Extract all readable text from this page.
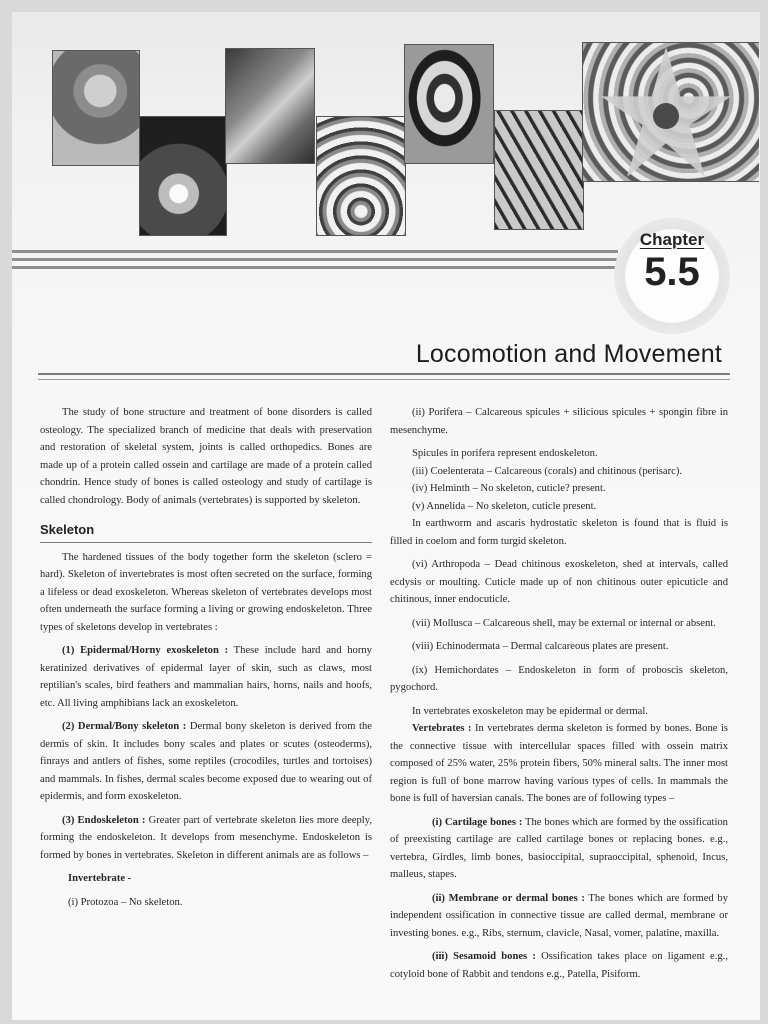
Chapter
5.5
Locomotion and Movement

The study of bone structure and treatment of bone disorders is called osteology. The specialized branch of medicine that deals with preservation and restoration of skeletal system, joints is called orthopedics. Bones are made up of a protein called ossein and cartilage are made of a protein called chondrin. Hence study of bones is called osteology and study of cartilage is called chondrology. Body of animals (vertebrates) is supported by skeleton.

Skeleton

The hardened tissues of the body together form the skeleton (sclero = hard). Skeleton of invertebrates is most often secreted on the surface, forming a lifeless or dead exoskeleton. Whereas skeleton of vertebrates develops most often underneath the surface forming a living or growing endoskeleton. Three types of skeletons develop in vertebrates :

(1) Epidermal/Horny exoskeleton : These include hard and horny keratinized derivatives of epidermal layer of skin, such as claws, most reptilian's scales, bird feathers and mammalian hairs, horns, nails and hoofs, etc. All living amphibians lack an exoskeleton.

(2) Dermal/Bony skeleton : Dermal bony skeleton is derived from the dermis of skin. It includes bony scales and plates or scutes (osteoderms), finrays and antlers of fishes, some reptiles (crocodiles, turtles and tortoises) and mammals. In fishes, dermal scales become exposed due to wearing out of epidermis, and form exoskeleton.

(3) Endoskeleton : Greater part of vertebrate skeleton lies more deeply, forming the endoskeleton. It develops from mesenchyme. Endoskeleton is formed by bones in vertebrates. Skeleton in different animals are as follows –

Invertebrate -

(i) Protozoa – No skeleton.

(ii) Porifera – Calcareous spicules + silicious spicules + spongin fibre in mesenchyme.

Spicules in porifera represent endoskeleton.

(iii) Coelenterata – Calcareous (corals) and chitinous (perisarc).

(iv) Helminth – No skeleton, cuticle? present.

(v) Annelida – No skeleton, cuticle present.

In earthworm and ascaris hydrostatic skeleton is found that is fluid is filled in coelom and form turgid skeleton.

(vi) Arthropoda – Dead chitinous exoskeleton, shed at intervals, called ecdysis or moulting. Cuticle made up of non chitinous outer epicuticle and chitinous, inner endocuticle.

(vii) Mollusca – Calcareous shell, may be external or internal or absent.

(viii) Echinodermata – Dermal calcareous plates are present.

(ix) Hemichordates – Endoskeleton in form of proboscis skeleton, pygochord.

In vertebrates exoskeleton may be epidermal or dermal.

Vertebrates : In vertebrates derma skeleton is formed by bones. Bone is the connective tissue with intercellular spaces filled with ossein matrix composed of 25% water, 25% protein fibers, 50% mineral salts. The inner most region is full of bone marrow having various types of cells. In mammals the bone is full of haversian canals. The bones are of following types –

(i) Cartilage bones : The bones which are formed by the ossification of preexisting cartilage are called cartilage bones or replacing bones. e.g., vertebra, Girdles, limb bones, basioccipital, supraoccipital, sphenoid, Incus, malleus, stapes.

(ii) Membrane or dermal bones : The bones which are formed by independent ossification in connective tissue are called dermal, membrane or investing bones. e.g., Ribs, sternum, clavicle, Nasal, vomer, palatine, maxilla.

(iii) Sesamoid bones : Ossification takes place on ligament e.g., cotyloid bone of Rabbit and tendons e.g., Patella, Pisiform.
